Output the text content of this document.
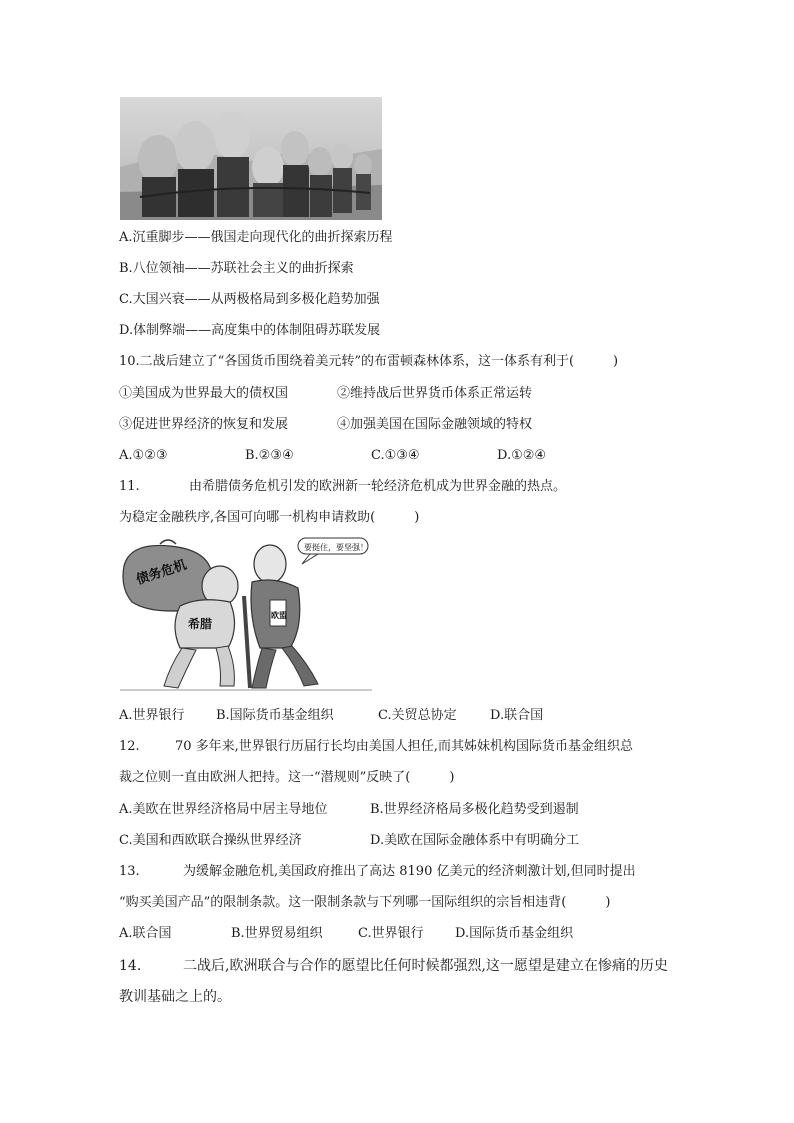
A.沉重脚步——俄国走向现代化的曲折探索历程
B.八位领袖——苏联社会主义的曲折探索
C.大国兴衰——从两极格局到多极化趋势加强
D.体制弊端——高度集中的体制阻碍苏联发展
10.二战后建立了“各国货币围绕着美元转”的布雷顿森林体系，这一体系有利于(　　　)
①美国成为世界最大的债权国	②维持战后世界货币体系正常运转
③促进世界经济的恢复和发展	④加强美国在国际金融领域的特权
A.①②③	B.②③④	C.①③④	D.①②④
11.	由希腊债务危机引发的欧洲新一轮经济危机成为世界金融的热点。
为稳定金融秩序,各国可向哪一机构申请救助(　　　)
债务危机
希腊
欧盟
要挺住，要坚强！
A.世界银行 B.国际货币基金组织	C.关贸总协定	D.联合国
12.	70 多年来,世界银行历届行长均由美国人担任,而其姊妹机构国际货币基金组织总
裁之位则一直由欧洲人把持。这一“潜规则”反映了(　　　)
A.美欧在世界经济格局中居主导地位	B.世界经济格局多极化趋势受到遏制
C.美国和西欧联合操纵世界经济	D.美欧在国际金融体系中有明确分工
13.	为缓解金融危机,美国政府推出了高达 8190 亿美元的经济刺激计划,但同时提出
“购买美国产品”的限制条款。这一限制条款与下列哪一国际组织的宗旨相违背(　　　)
A.联合国	B.世界贸易组织	C.世界银行 D.国际货币基金组织
14.	二战后,欧洲联合与合作的愿望比任何时候都强烈,这一愿望是建立在惨痛的历史
教训基础之上的。
